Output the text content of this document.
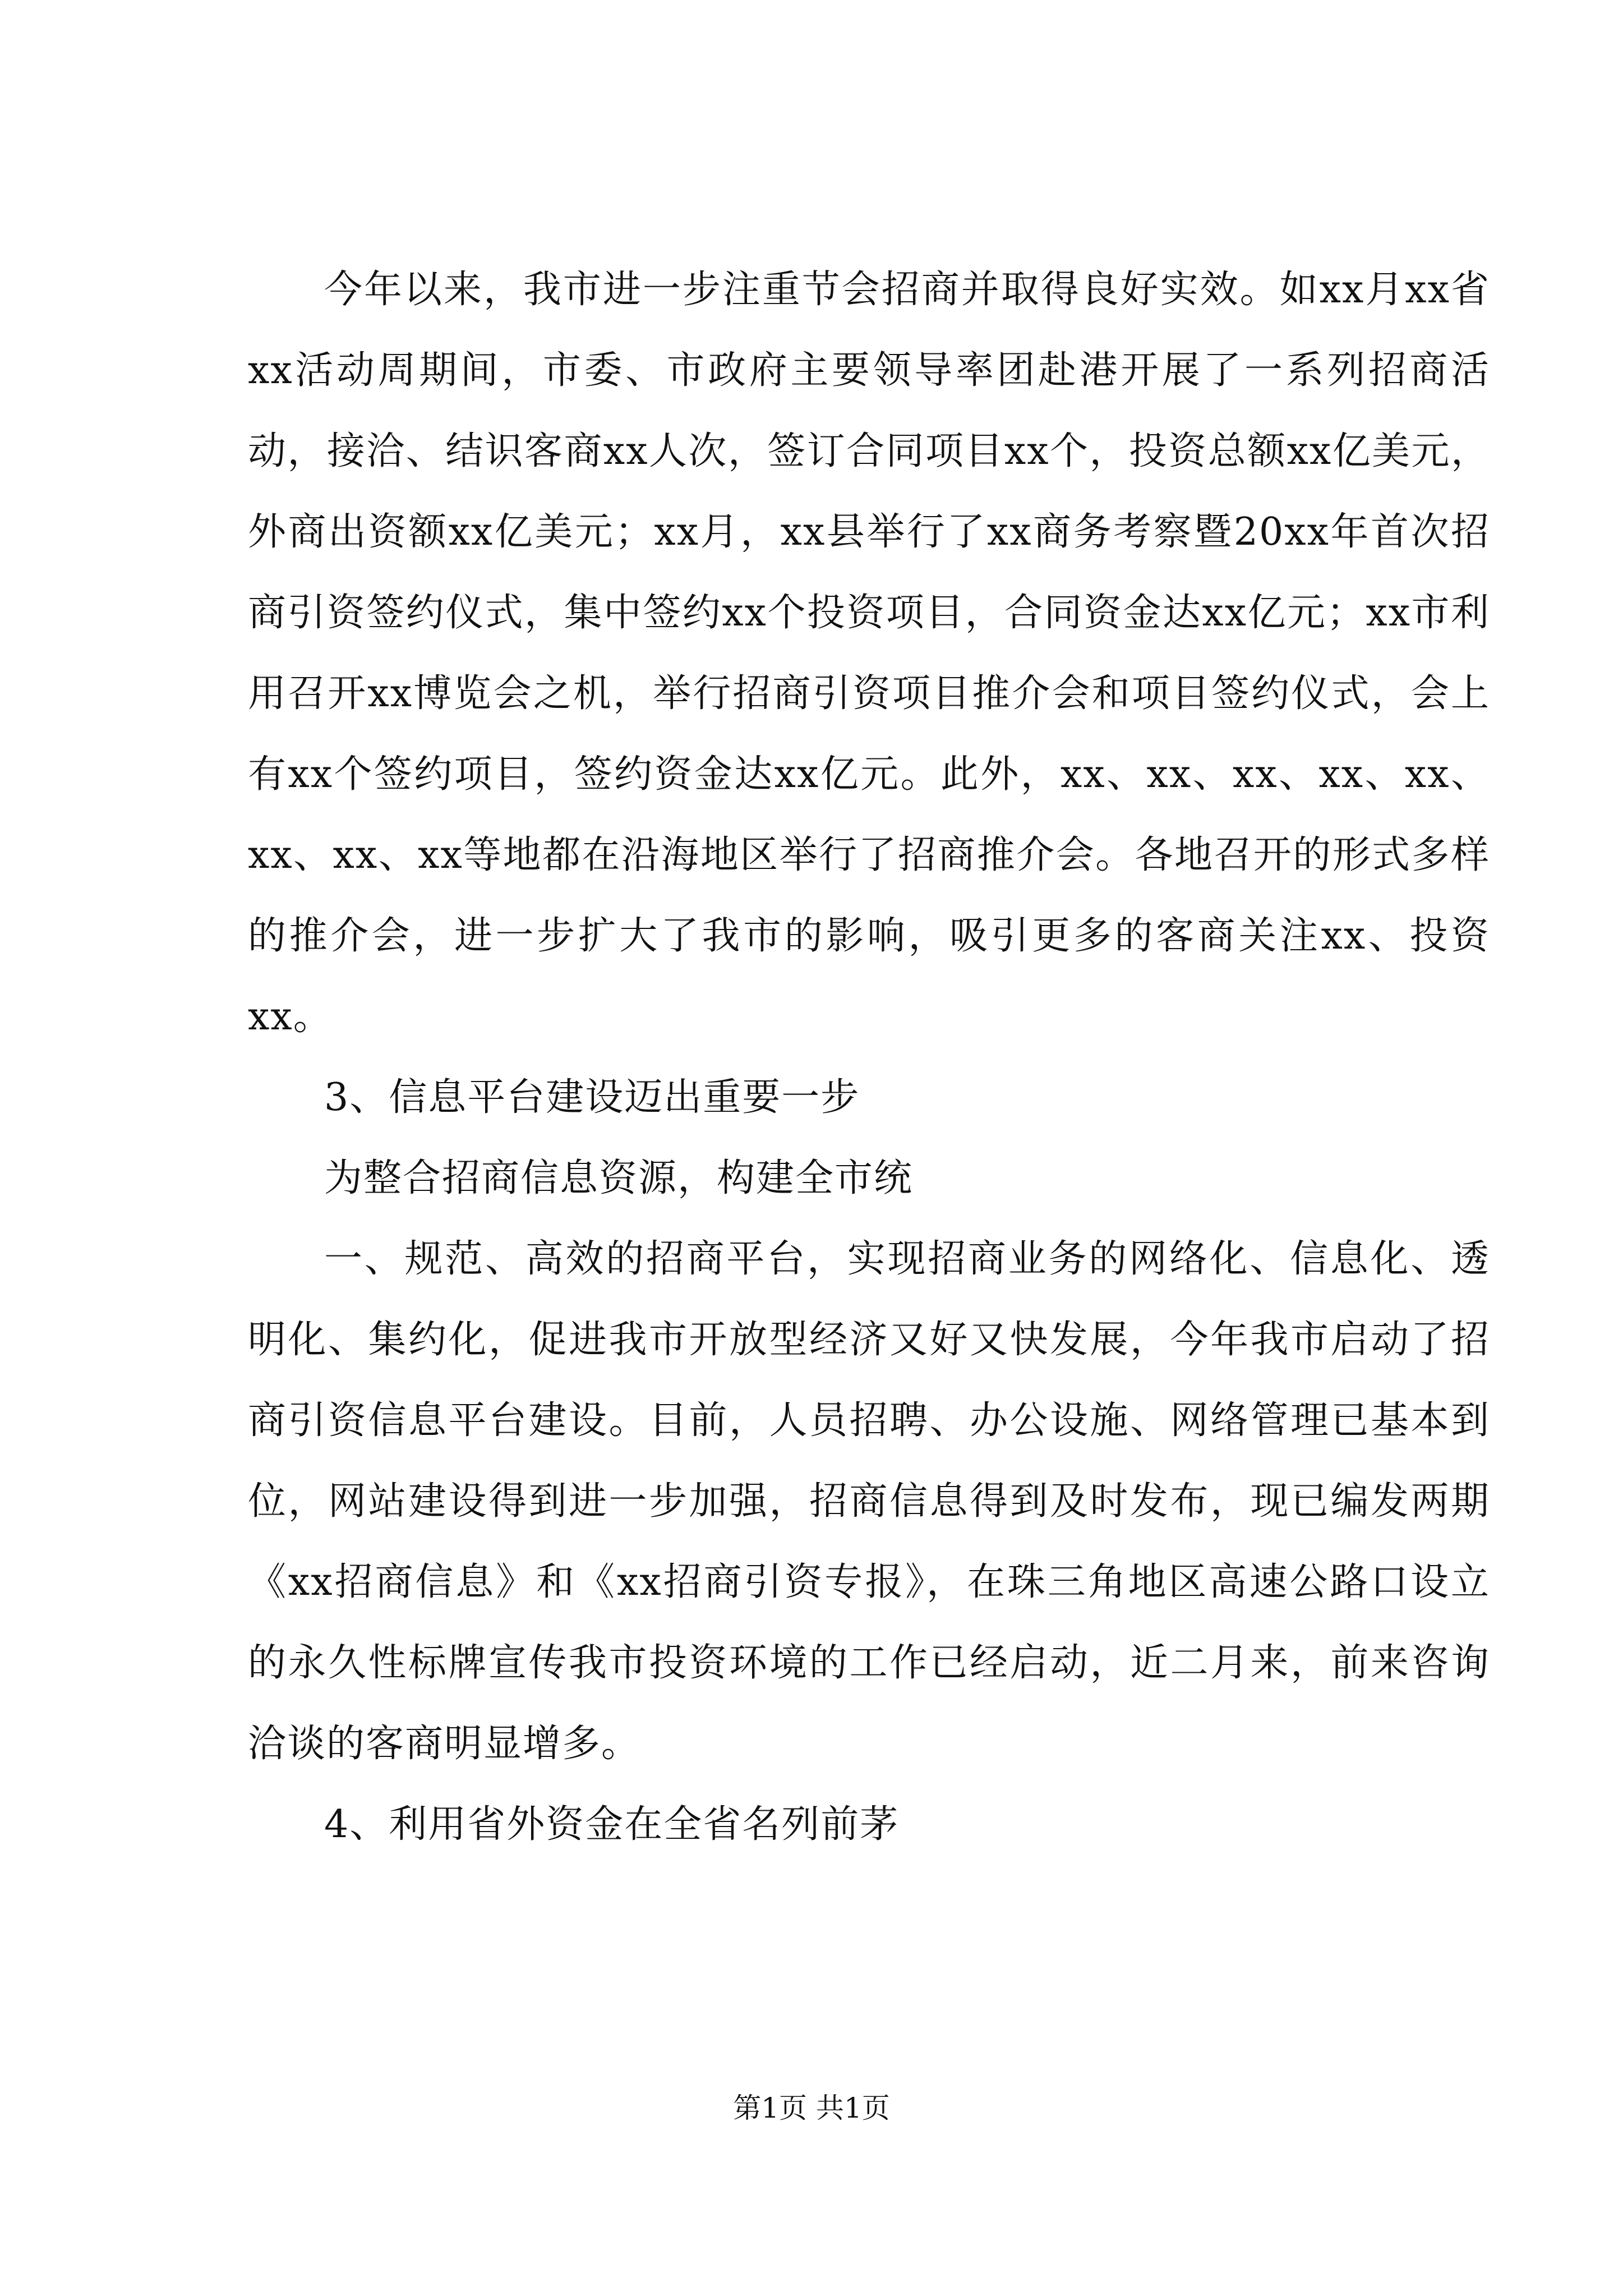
今年以来，我市进一步注重节会招商并取得良好实效。如xx月xx省xx活动周期间，市委、市政府主要领导率团赴港开展了一系列招商活动，接洽、结识客商xx人次，签订合同项目xx个，投资总额xx亿美元，外商出资额xx亿美元；xx月，xx县举行了xx商务考察暨20xx年首次招商引资签约仪式，集中签约xx个投资项目，合同资金达xx亿元；xx市利用召开xx博览会之机，举行招商引资项目推介会和项目签约仪式，会上有xx个签约项目，签约资金达xx亿元。此外，xx、xx、xx、xx、xx、xx、xx、xx等地都在沿海地区举行了招商推介会。各地召开的形式多样的推介会，进一步扩大了我市的影响，吸引更多的客商关注xx、投资xx。

3、信息平台建设迈出重要一步

为整合招商信息资源，构建全市统

一、规范、高效的招商平台，实现招商业务的网络化、信息化、透明化、集约化，促进我市开放型经济又好又快发展，今年我市启动了招商引资信息平台建设。目前，人员招聘、办公设施、网络管理已基本到位，网站建设得到进一步加强，招商信息得到及时发布，现已编发两期《xx招商信息》和《xx招商引资专报》，在珠三角地区高速公路口设立的永久性标牌宣传我市投资环境的工作已经启动，近二月来，前来咨询洽谈的客商明显增多。

4、利用省外资金在全省名列前茅

第1页 共1页
